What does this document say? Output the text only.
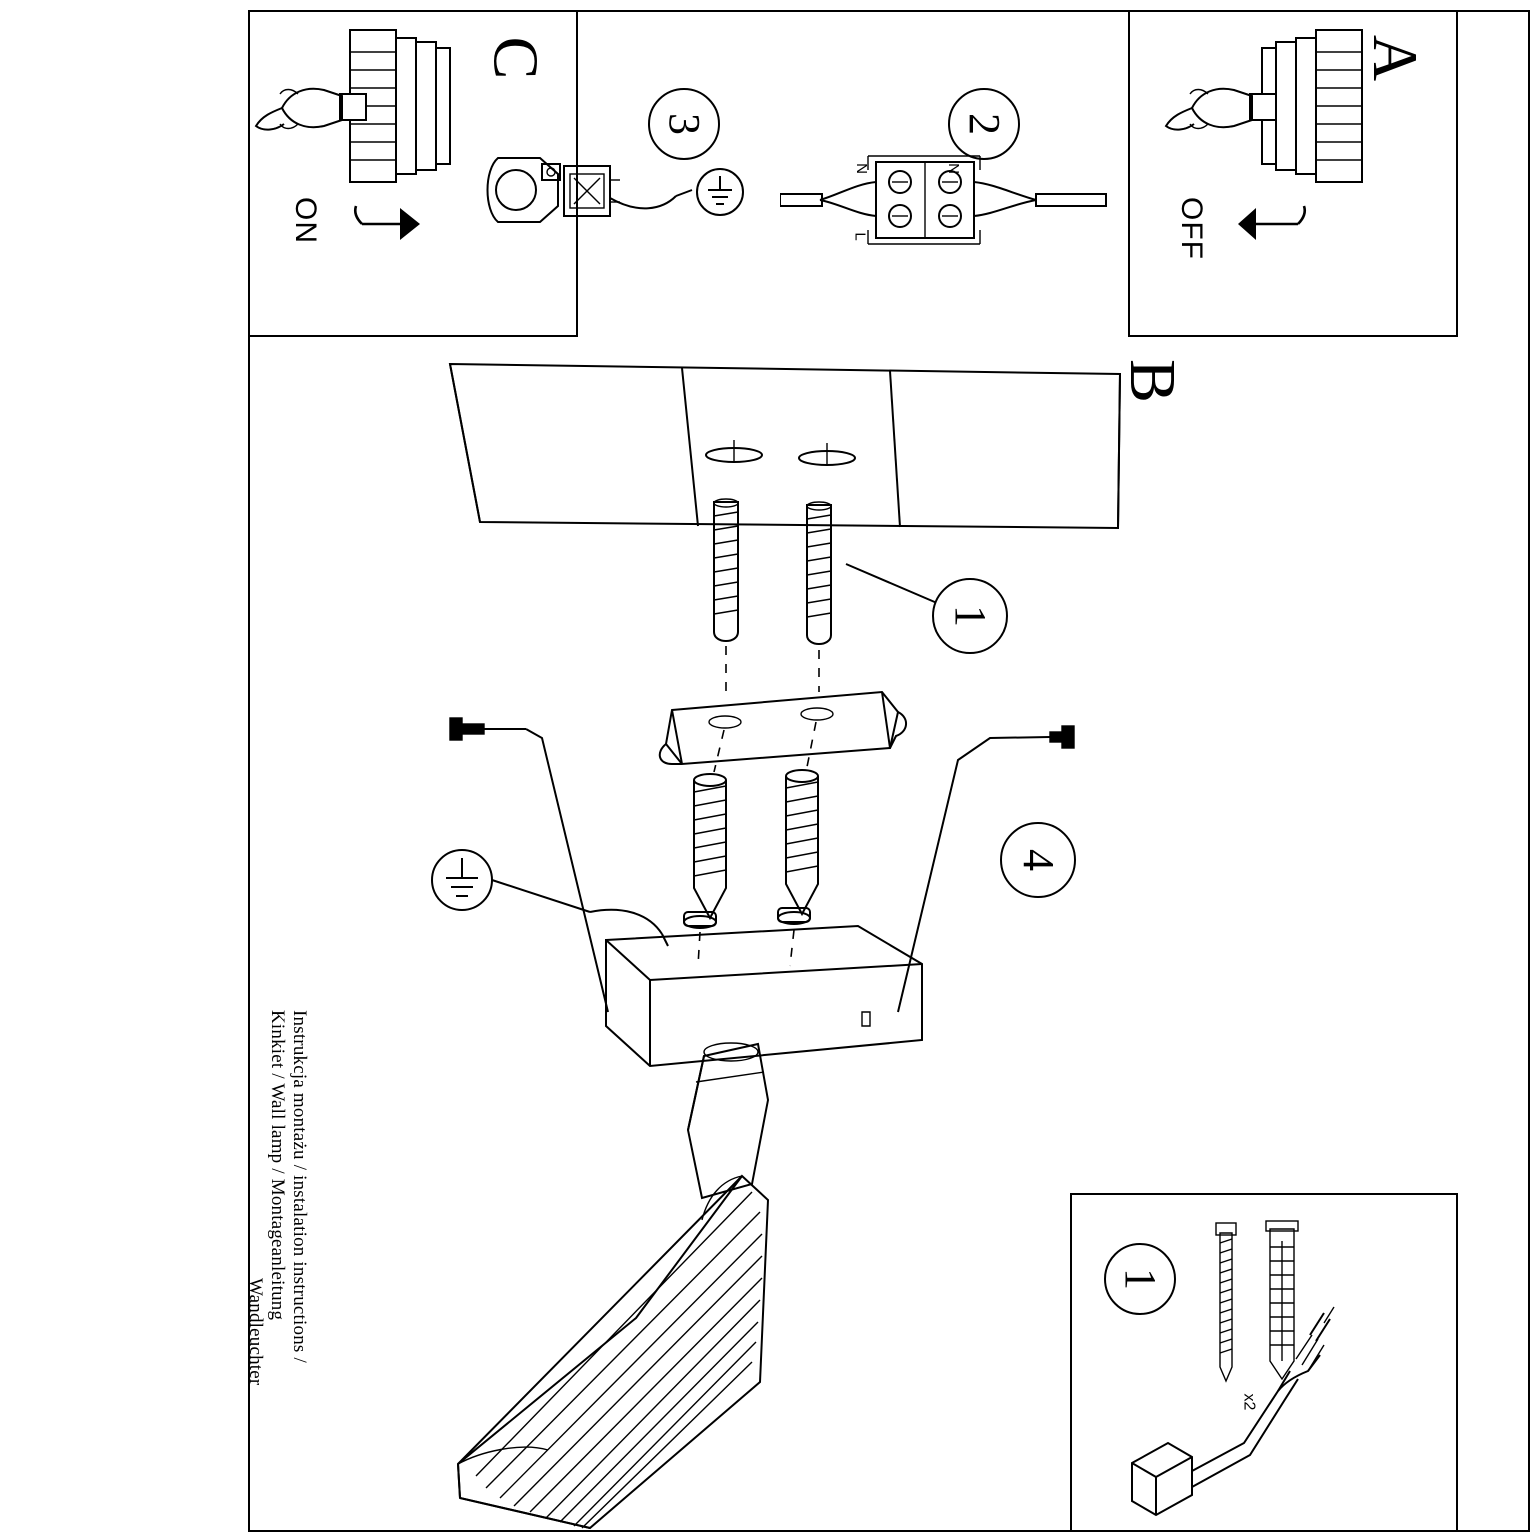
A
OFF
C
ON
3	2
L
N
N
B
1
4
1
x2
Instrukcja montażu / instalation instructions /
Kinkiet / Wall lamp / Montageanleitung
Wandleuchter
